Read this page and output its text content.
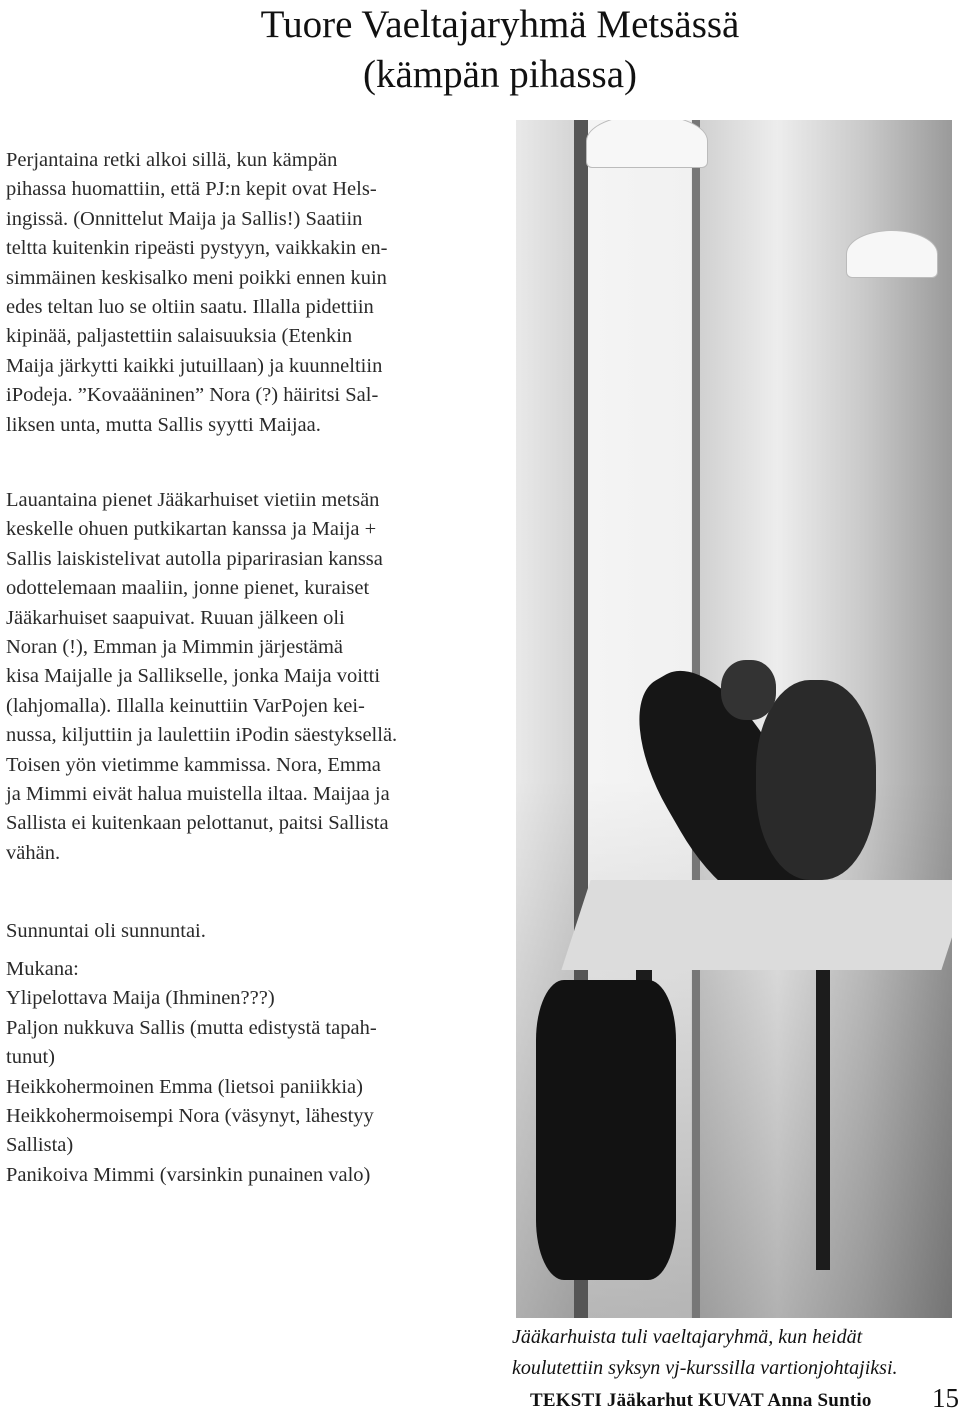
Tuore Vaeltajaryhmä Metsässä
(kämpän pihassa)

Perjantaina retki alkoi sillä, kun kämpän

pihassa huomattiin, että PJ:n kepit ovat Hels-

ingissä. (Onnittelut Maija ja Sallis!) Saatiin

teltta kuitenkin ripeästi pystyyn, vaikkakin en-

simmäinen keskisalko meni poikki ennen kuin

edes teltan luo se oltiin saatu. Illalla pidettiin

kipinää, paljastettiin salaisuuksia (Etenkin

Maija järkytti kaikki jutuillaan) ja kuunneltiin

iPodeja. ”Kovaääninen” Nora (?) häiritsi Sal-

liksen unta, mutta Sallis syytti Maijaa.

Lauantaina pienet Jääkarhuiset vietiin metsän

keskelle ohuen putkikartan kanssa ja Maija +

Sallis laiskistelivat autolla piparirasian kanssa

odottelemaan maaliin, jonne pienet, kuraiset

Jääkarhuiset saapuivat. Ruuan jälkeen oli

Noran (!), Emman ja Mimmin järjestämä

kisa Maijalle ja Sallikselle, jonka Maija voitti

(lahjomalla). Illalla keinuttiin VarPojen kei-

nussa, kiljuttiin ja laulettiin iPodin säestyksellä.

Toisen yön vietimme kammissa. Nora, Emma

ja Mimmi eivät halua muistella iltaa. Maijaa ja

Sallista ei kuitenkaan pelottanut, paitsi Sallista

vähän.

Sunnuntai oli sunnuntai.

Mukana:

Ylipelottava Maija (Ihminen???)

Paljon nukkuva Sallis (mutta edistystä tapah-

tunut)

Heikkohermoinen Emma (lietsoi paniikkia)

Heikkohermoisempi Nora (väsynyt, lähestyy

Sallista)

Panikoiva Mimmi (varsinkin punainen valo)

Jääkarhuista tuli vaeltajaryhmä, kun heidät
koulutettiin syksyn vj-kurssilla vartionjohtajiksi.
TEKSTI Jääkarhut KUVAT Anna Suntio 15
